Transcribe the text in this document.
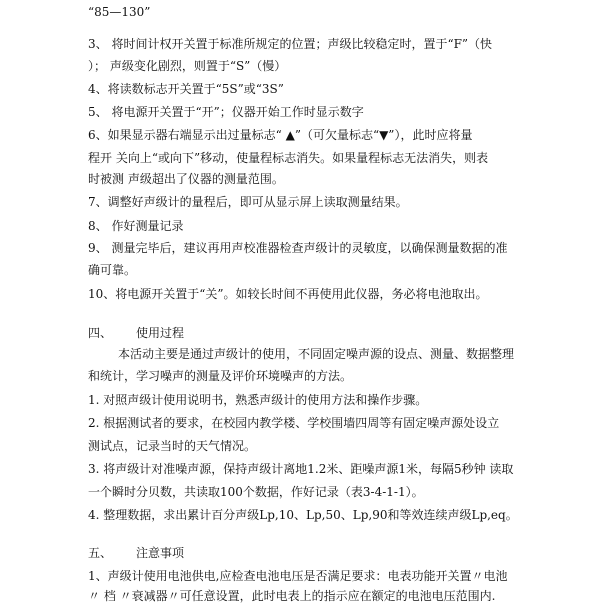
“85—130”
3、 将时间计权开关置于标准所规定的位置；声级比较稳定时，置于“F”（快
）； 声级变化剧烈，则置于“S”（慢）
4、将读数标志开关置于“5S”或“3S”
5、 将电源开关置于“开”；仪器开始工作时显示数字
6、如果显示器右端显示出过量标志“ ▲”（可欠量标志“▼”），此时应将量
程开 关向上“或向下”移动，使量程标志消失。如果量程标志无法消失，则表
时被测 声级超出了仪器的测量范围。
7、调整好声级计的量程后，即可从显示屏上读取测量结果。
8、 作好测量记录
9、 测量完毕后，建议再用声校准器检查声级计的灵敏度，以确保测量数据的准
确可靠。
10、将电源开关置于“关”。如较长时间不再使用此仪器，务必将电池取出。
四、 使用过程
本活动主要是通过声级计的使用，不同固定噪声源的设点、测量、数据整理
和统计，学习噪声的测量及评价环境噪声的方法。
1. 对照声级计使用说明书，熟悉声级计的使用方法和操作步骤。
2. 根据测试者的要求，在校园内教学楼、学校围墙四周等有固定噪声源处设立
测试点，记录当时的天气情况。
3. 将声级计对准噪声源，保持声级计离地1.2米、距噪声源1米，每隔5秒钟 读取
一个瞬时分贝数，共读取100个数据，作好记录（表3-4-1-1）。
4. 整理数据，求出累计百分声级Lp,10、Lp,50、Lp,90和等效连续声级Lp,eq。
五、 注意事项
1、声级计使用电池供电,应检查电池电压是否满足要求：电表功能开关置〃电池
〃 档 〃衰减器〃可任意设置，此时电表上的指示应在额定的电池电压范围内.
